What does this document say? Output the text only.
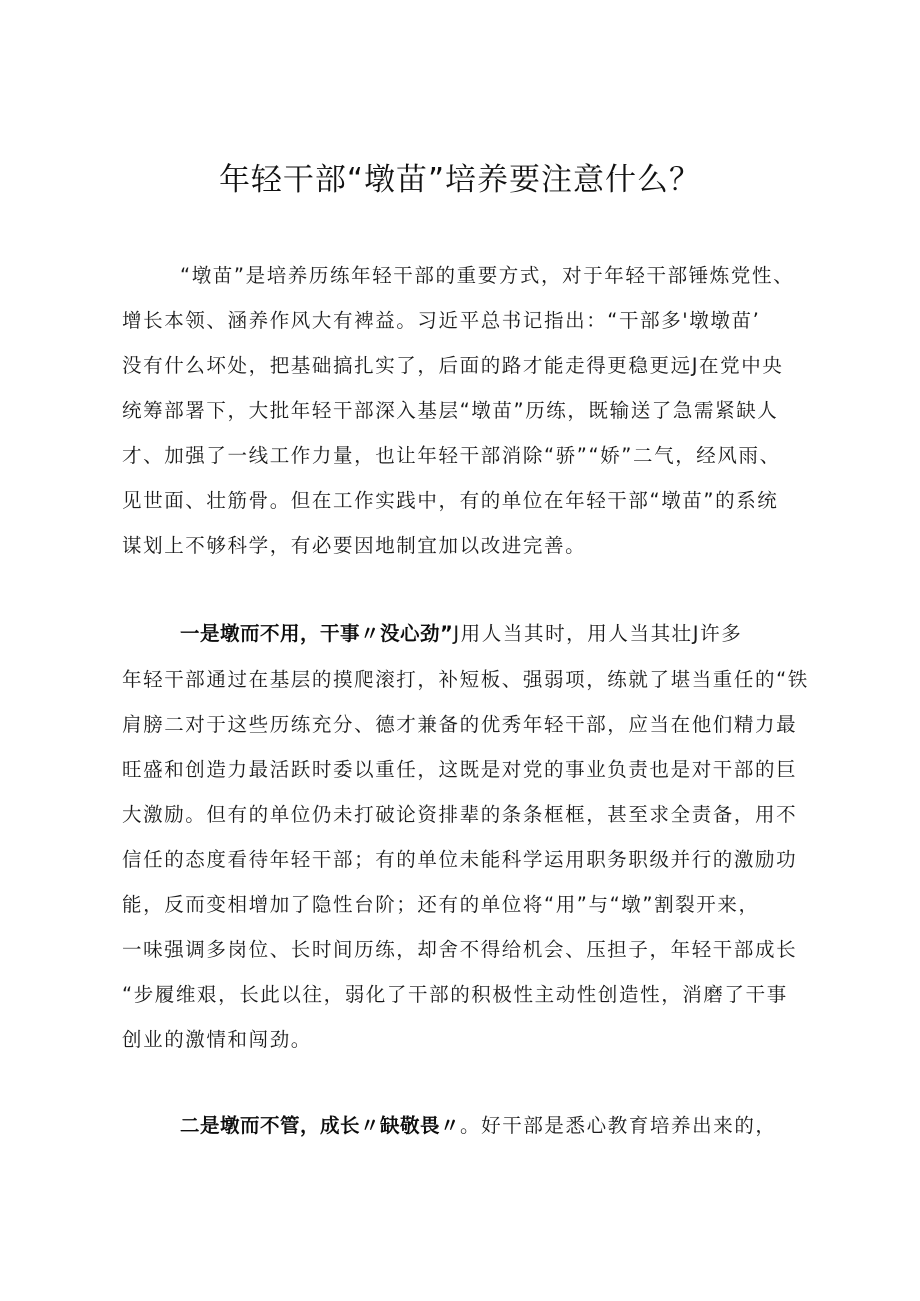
年轻干部“墩苗”培养要注意什么？
“墩苗”是培养历练年轻干部的重要方式，对于年轻干部锤炼党性、
增长本领、涵养作风大有裨益。习近平总书记指出：“干部多'墩墩苗’
没有什么坏处，把基础搞扎实了，后面的路才能走得更稳更远J在党中央
统筹部署下，大批年轻干部深入基层“墩苗”历练，既输送了急需紧缺人
才、加强了一线工作力量，也让年轻干部消除“骄”“娇”二气，经风雨、
见世面、壮筋骨。但在工作实践中，有的单位在年轻干部“墩苗”的系统
谋划上不够科学，有必要因地制宜加以改进完善。
一是墩而不用，干事〃没心劲”J用人当其时，用人当其壮J许多
年轻干部通过在基层的摸爬滚打，补短板、强弱项，练就了堪当重任的“铁
肩膀二对于这些历练充分、德才兼备的优秀年轻干部，应当在他们精力最
旺盛和创造力最活跃时委以重任，这既是对党的事业负责也是对干部的巨
大激励。但有的单位仍未打破论资排辈的条条框框，甚至求全责备，用不
信任的态度看待年轻干部；有的单位未能科学运用职务职级并行的激励功
能，反而变相增加了隐性台阶；还有的单位将“用”与“墩”割裂开来，
一味强调多岗位、长时间历练，却舍不得给机会、压担子，年轻干部成长
“步履维艰，长此以往，弱化了干部的积极性主动性创造性，消磨了干事
创业的激情和闯劲。
二是墩而不管，成长〃缺敬畏〃。好干部是悉心教育培养出来的，
